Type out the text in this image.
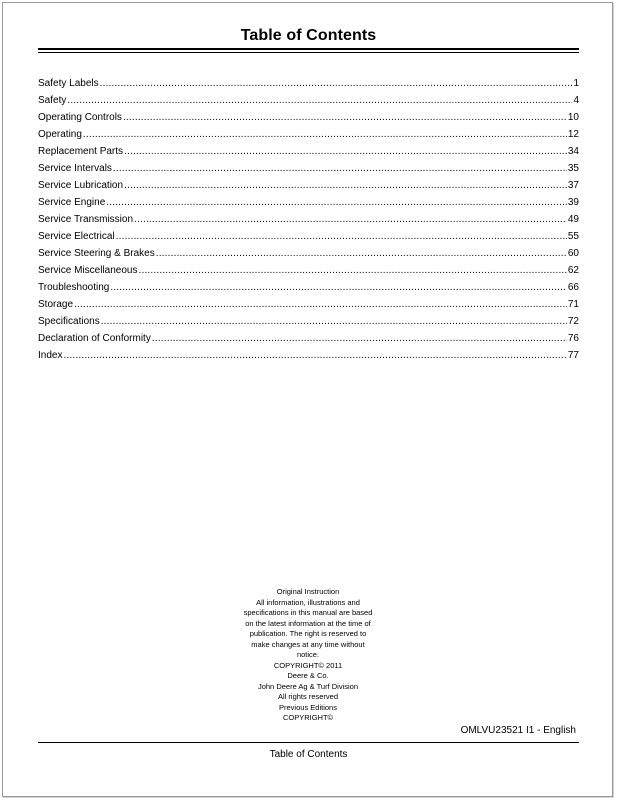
Table of Contents
Safety Labels .....	1
Safety .....	4
Operating Controls .....	10
Operating .....	12
Replacement Parts .....	34
Service Intervals .....	35
Service Lubrication .....	37
Service Engine .....	39
Service Transmission .....	49
Service Electrical .....	55
Service Steering & Brakes .....	60
Service Miscellaneous .....	62
Troubleshooting .....	66
Storage .....	71
Specifications .....	72
Declaration of Conformity .....	76
Index .....	77
Original Instruction
All information, illustrations and
specifications in this manual are based
on the latest information at the time of
publication. The right is reserved to
make changes at any time without
notice.
COPYRIGHT© 2011
Deere & Co.
John Deere Ag & Turf Division
All rights reserved
Previous Editions
COPYRIGHT©
OMLVU23521 I1 - English
Table of Contents
